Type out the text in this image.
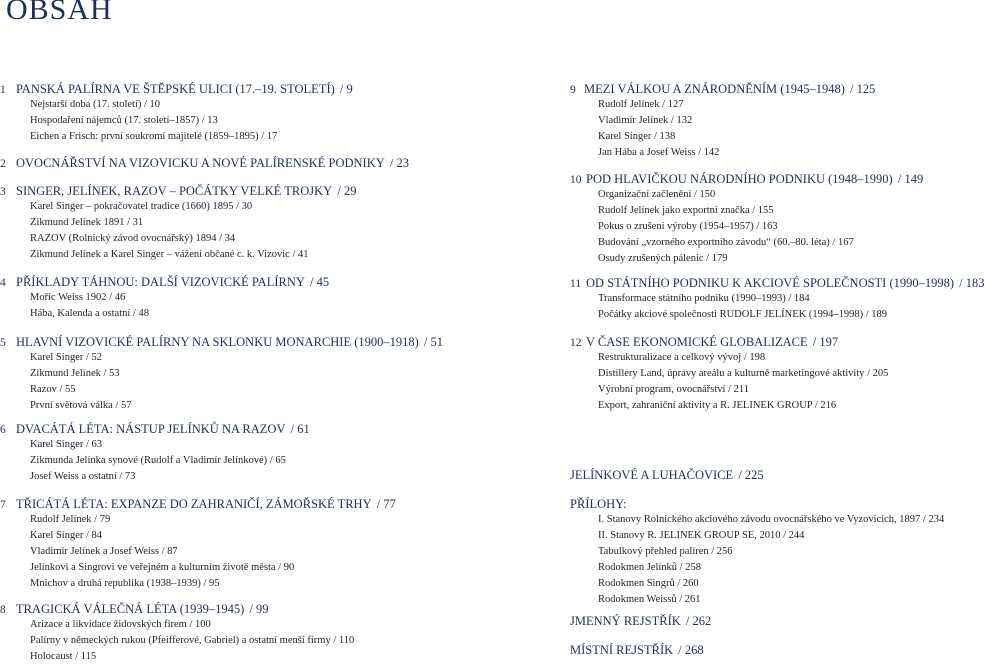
OBSAH
1 PANSKÁ PALÍRNA VE ŠTĚPSKÉ ULICI (17.–19. STOLETÍ) / 9
Nejstarší doba (17. století) / 10
Hospodaření nájemců (17. století–1857) / 13
Eichen a Frisch: první soukromí majitelé (1859–1895) / 17
2 OVOCNÁŘSTVÍ NA VIZOVICKU A NOVÉ PALÍRENSKÉ PODNIKY / 23
3 SINGER, JELÍNEK, RAZOV – POČÁTKY VELKÉ TROJKY / 29
Karel Singer – pokračovatel tradice (1660) 1895 / 30
Zikmund Jelínek 1891 / 31
RAZOV (Rolnický závod ovocnářský) 1894 / 34
Zikmund Jelínek a Karel Singer – vážení občané c. k. Vizovic / 41
4 PŘÍKLADY TÁHNOU: DALŠÍ VIZOVICKÉ PALÍRNY / 45
Mořic Weiss 1902 / 46
Hába, Kalenda a ostatní / 48
5 HLAVNÍ VIZOVICKÉ PALÍRNY NA SKLONKU MONARCHIE (1900–1918) / 51
Karel Singer / 52
Zikmund Jelínek / 53
Razov / 55
První světová válka / 57
6 DVACÁTÁ LÉTA: NÁSTUP JELÍNKŮ NA RAZOV / 61
Karel Singer / 63
Zikmunda Jelínka synové (Rudolf a Vladimír Jelínkové) / 65
Josef Weiss a ostatní / 73
7 TŘICÁTÁ LÉTA: EXPANZE DO ZAHRANIČÍ, ZÁMOŘSKÉ TRHY / 77
Rudolf Jelínek / 79
Karel Singer / 84
Vladimír Jelínek a Josef Weiss / 87
Jelínkovi a Singrovi ve veřejném a kulturním životě města / 90
Mnichov a druhá republika (1938–1939) / 95
8 TRAGICKÁ VÁLEČNÁ LÉTA (1939–1945) / 99
Arizace a likvidace židovských firem / 100
Palírny v německých rukou (Pfeifferové, Gabriel) a ostatní menší firmy / 110
Holocaust / 115
9 MEZI VÁLKOU A ZNÁRODNĚNÍM (1945–1948) / 125
Rudolf Jelínek / 127
Vladimír Jelínek / 132
Karel Singer / 138
Jan Hába a Josef Weiss / 142
10 POD HLAVIČKOU NÁRODNÍHO PODNIKU (1948–1990) / 149
Organizační začlenění / 150
Rudolf Jelínek jako exportní značka / 155
Pokus o zrušení výroby (1954–1957) / 163
Budování „vzorného exportního závodu“ (60.–80. léta) / 167
Osudy zrušených pálenic / 179
11 OD STÁTNÍHO PODNIKU K AKCIOVÉ SPOLEČNOSTI (1990–1998) / 183
Transformace státního podniku (1990–1993) / 184
Počátky akciové společnosti RUDOLF JELÍNEK (1994–1998) / 189
12 V ČASE EKONOMICKÉ GLOBALIZACE / 197
Restrukturalizace a celkový vývoj / 198
Distillery Land, úpravy areálu a kulturně marketingové aktivity / 205
Výrobní program, ovocnářství / 211
Export, zahraniční aktivity a R. JELINEK GROUP / 216
JELÍNKOVÉ A LUHAČOVICE / 225
PŘÍLOHY:
I. Stanovy Rolnického akciového závodu ovocnářského ve Vyzovicích, 1897 / 234
II. Stanovy R. JELINEK GROUP SE, 2010 / 244
Tabulkový přehled palíren / 256
Rodokmen Jelínků / 258
Rodokmen Singrů / 260
Rodokmen Weissů / 261
JMENNÝ REJSTŘÍK / 262
MÍSTNÍ REJSTŘÍK / 268
